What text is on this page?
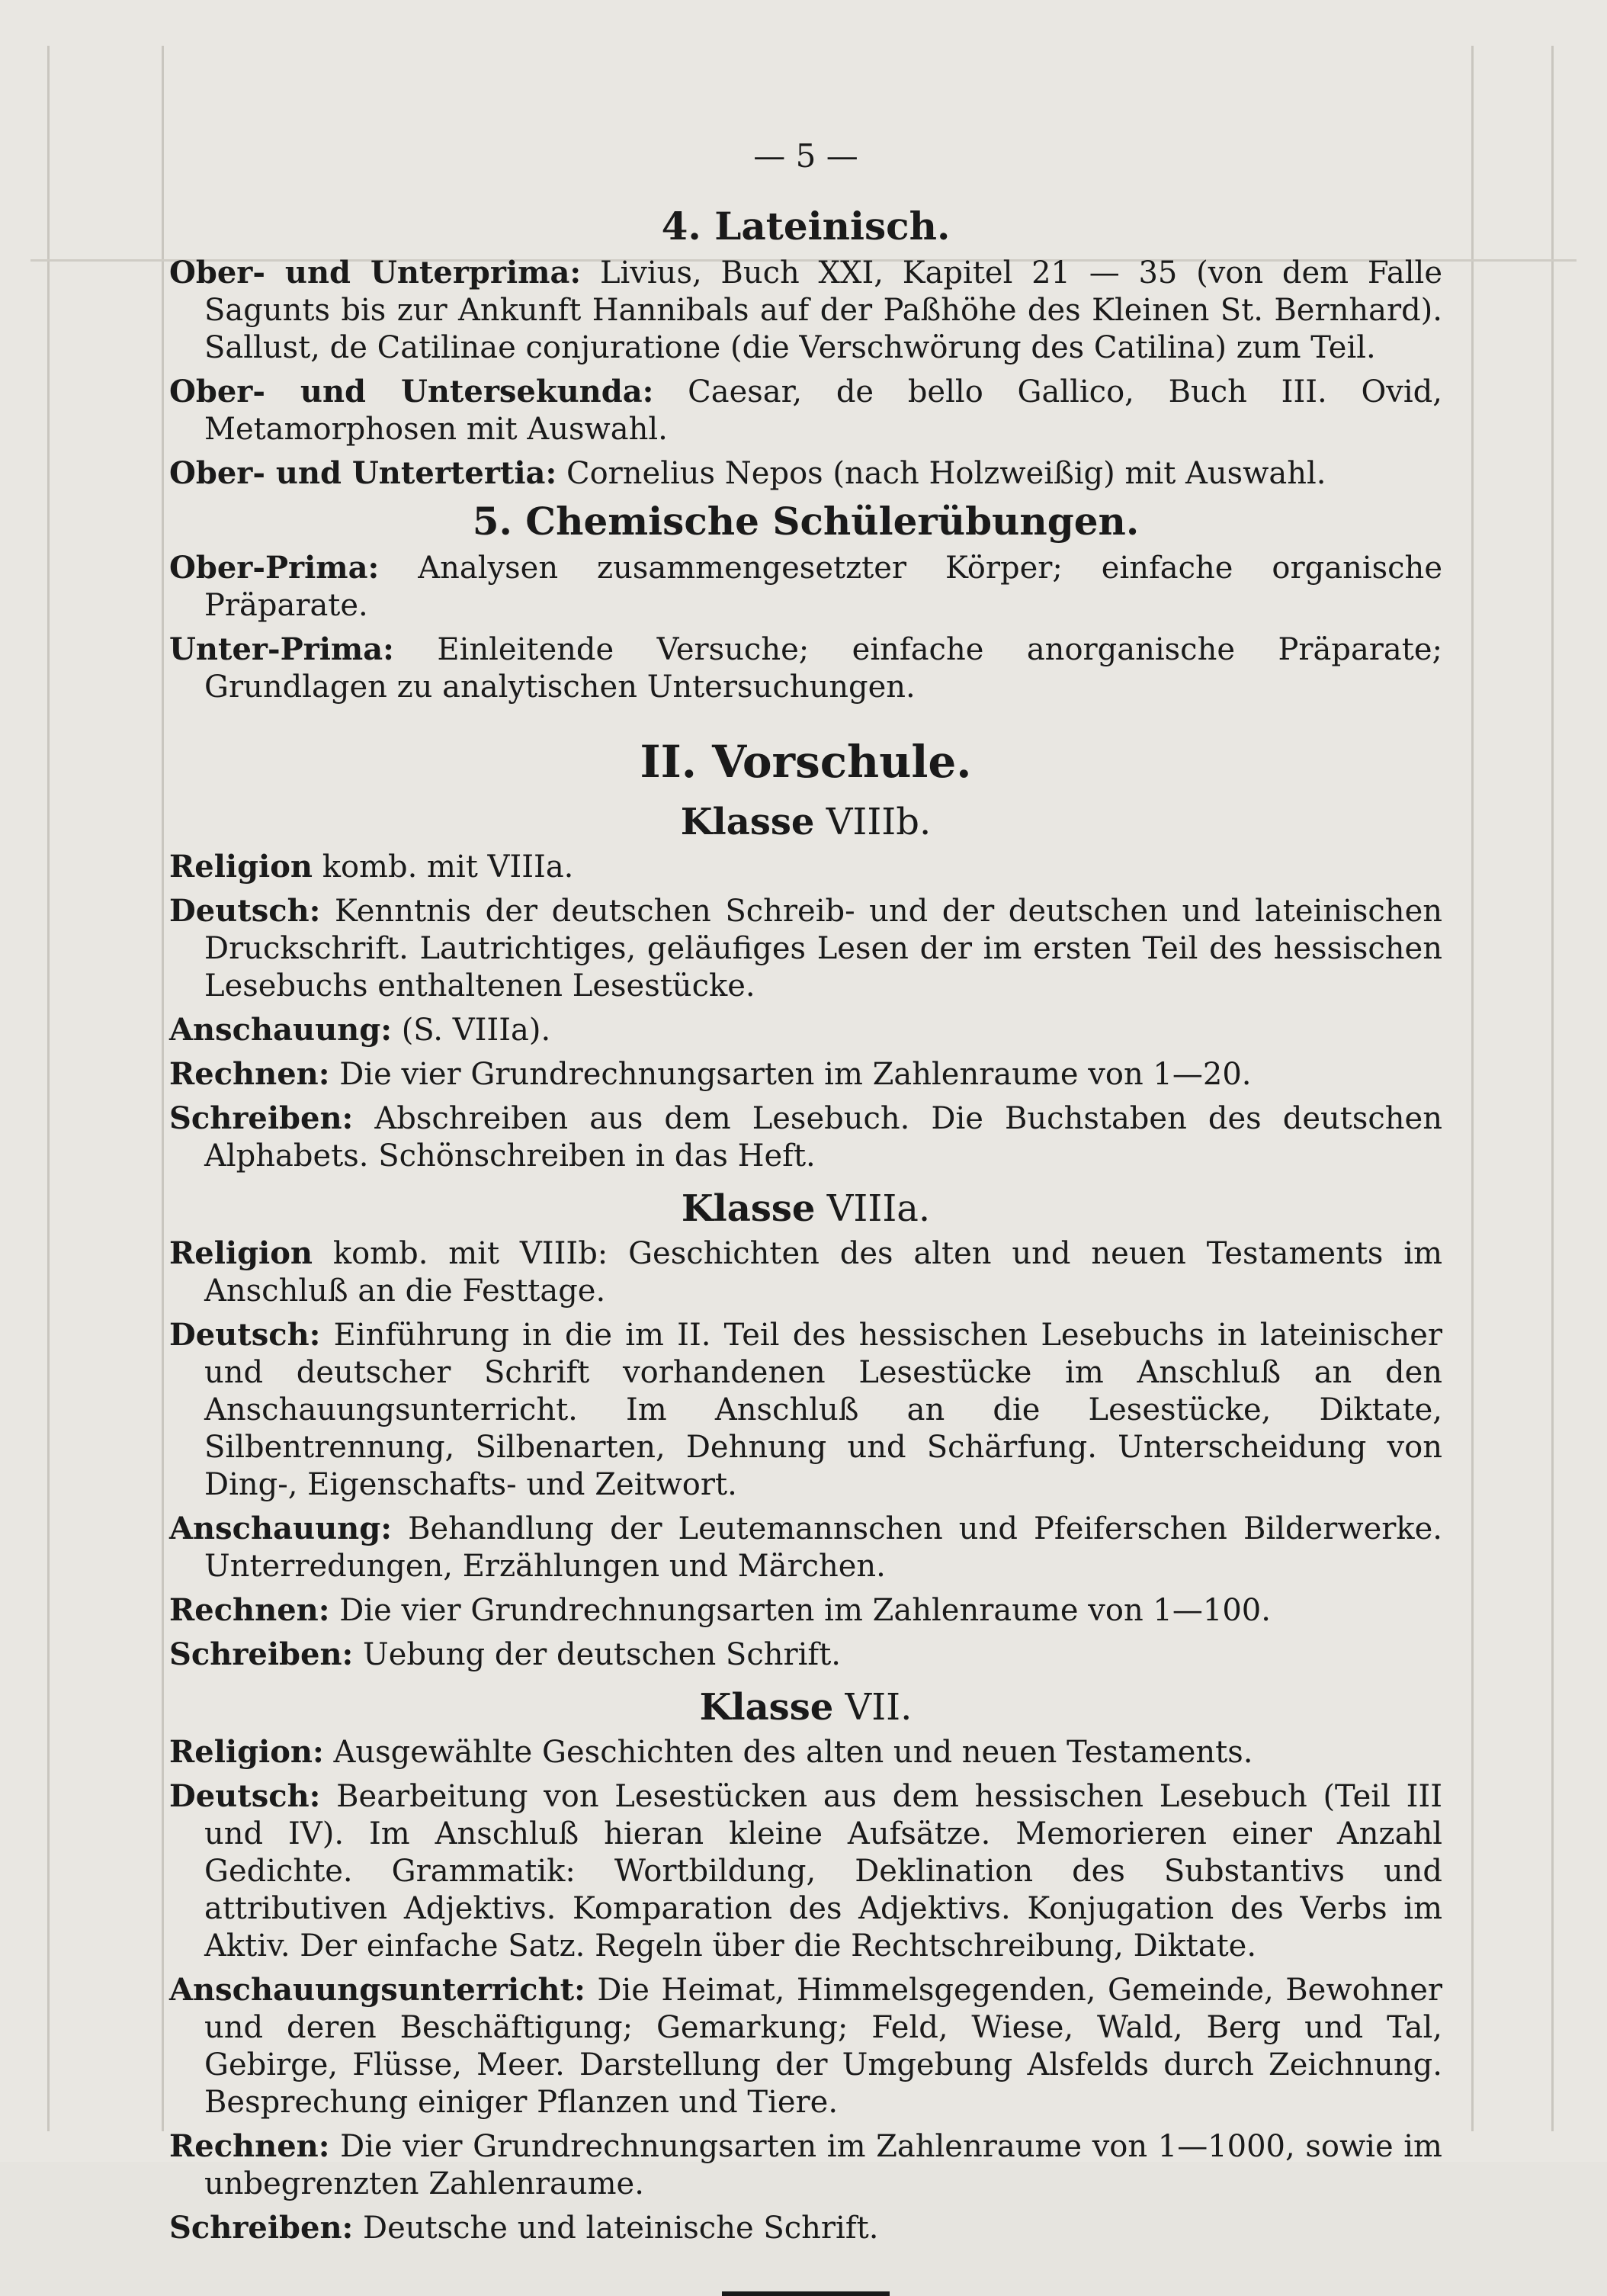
— 5 —
4. Lateinisch.

Ober- und Unterprima: Livius, Buch XXI, Kapitel 21 — 35 (von dem Falle Sagunts bis zur Ankunft Hannibals auf der Paßhöhe des Kleinen St. Bernhard). Sallust, de Catilinae conjuratione (die Verschwörung des Catilina) zum Teil.

Ober- und Untersekunda: Caesar, de bello Gallico, Buch III. Ovid, Metamorphosen mit Auswahl.

Ober- und Untertertia: Cornelius Nepos (nach Holzweißig) mit Auswahl.

5. Chemische Schülerübungen.

Ober-Prima: Analysen zusammengesetzter Körper; einfache organische Präparate.

Unter-Prima: Einleitende Versuche; einfache anorganische Präparate; Grundlagen zu analytischen Untersuchungen.

II. Vorschule.
Klasse VIIIb.

Religion komb. mit VIIIa.

Deutsch: Kenntnis der deutschen Schreib- und der deutschen und lateinischen Druckschrift. Lautrichtiges, geläufiges Lesen der im ersten Teil des hessischen Lesebuchs enthaltenen Lesestücke.

Anschauung: (S. VIIIa).

Rechnen: Die vier Grundrechnungsarten im Zahlenraume von 1—20.

Schreiben: Abschreiben aus dem Lesebuch. Die Buchstaben des deutschen Alphabets. Schönschreiben in das Heft.

Klasse VIIIa.

Religion komb. mit VIIIb: Geschichten des alten und neuen Testaments im Anschluß an die Festtage.

Deutsch: Einführung in die im II. Teil des hessischen Lesebuchs in lateinischer und deutscher Schrift vorhandenen Lesestücke im Anschluß an den Anschauungsunterricht. Im Anschluß an die Lesestücke, Diktate, Silbentrennung, Silbenarten, Dehnung und Schärfung. Unterscheidung von Ding-, Eigenschafts- und Zeitwort.

Anschauung: Behandlung der Leutemannschen und Pfeiferschen Bilderwerke. Unterredungen, Erzählungen und Märchen.

Rechnen: Die vier Grundrechnungsarten im Zahlenraume von 1—100.

Schreiben: Uebung der deutschen Schrift.

Klasse VII.

Religion: Ausgewählte Geschichten des alten und neuen Testaments.

Deutsch: Bearbeitung von Lesestücken aus dem hessischen Lesebuch (Teil III und IV). Im Anschluß hieran kleine Aufsätze. Memorieren einer Anzahl Gedichte. Grammatik: Wortbildung, Deklination des Substantivs und attributiven Adjektivs. Komparation des Adjektivs. Konjugation des Verbs im Aktiv. Der einfache Satz. Regeln über die Rechtschreibung, Diktate.

Anschauungsunterricht: Die Heimat, Himmelsgegenden, Gemeinde, Bewohner und deren Beschäftigung; Gemarkung; Feld, Wiese, Wald, Berg und Tal, Gebirge, Flüsse, Meer. Darstellung der Umgebung Alsfelds durch Zeichnung. Besprechung einiger Pflanzen und Tiere.

Rechnen: Die vier Grundrechnungsarten im Zahlenraume von 1—1000, sowie im unbegrenzten Zahlenraume.

Schreiben: Deutsche und lateinische Schrift.
